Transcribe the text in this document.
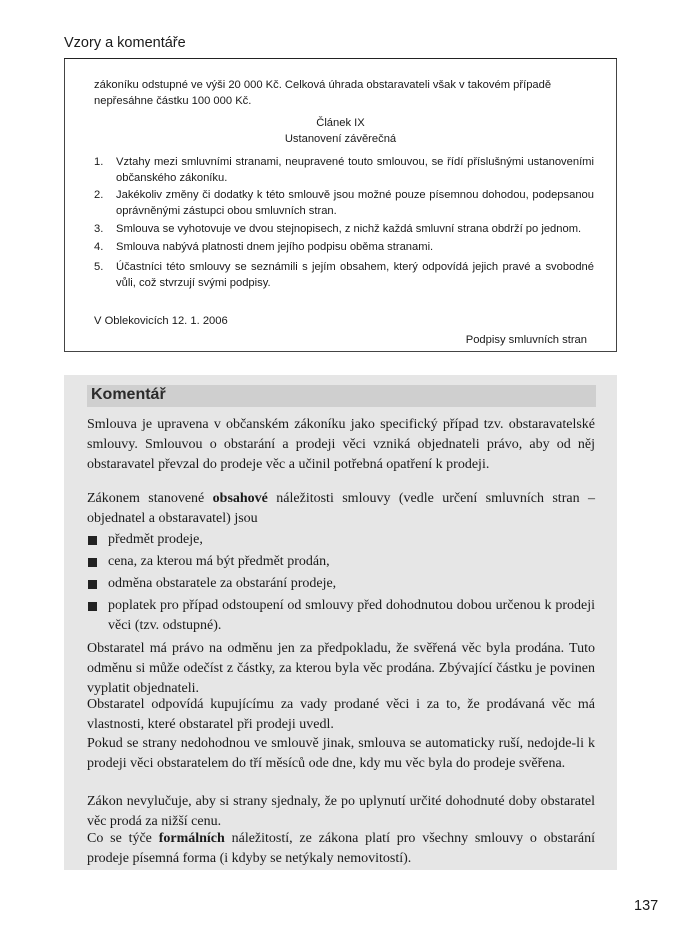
Vzory a komentáře
zákoníku odstupné ve výši 20 000 Kč. Celková úhrada obstaravateli však v takovém případě
nepřesáhne částku 100 000 Kč.
Článek IX
Ustanovení závěrečná
1. Vztahy mezi smluvními stranami, neupravené touto smlouvou, se řídí příslušnými ustanoveními občanského zákoníku.
2. Jakékoliv změny či dodatky k této smlouvě jsou možné pouze písemnou dohodou, podepsanou oprávněnými zástupci obou smluvních stran.
3. Smlouva se vyhotovuje ve dvou stejnopisech, z nichž každá smluvní strana obdrží po jednom.
4. Smlouva nabývá platnosti dnem jejího podpisu oběma stranami.
5. Účastníci této smlouvy se seznámili s jejím obsahem, který odpovídá jejich pravé a svobodné vůli, což stvrzují svými podpisy.
V Oblekovicích 12. 1. 2006
Podpisy smluvních stran
Komentář
Smlouva je upravena v občanském zákoníku jako specifický případ tzv. obstaravatelské smlouvy. Smlouvou o obstarání a prodeji věci vzniká objednateli právo, aby od něj obstaravatel převzal do prodeje věc a učinil potřebná opatření k prodeji.
Zákonem stanovené obsahové náležitosti smlouvy (vedle určení smluvních stran – objednatel a obstaravatel) jsou
předmět prodeje,
cena, za kterou má být předmět prodán,
odměna obstaratele za obstarání prodeje,
poplatek pro případ odstoupení od smlouvy před dohodnutou dobou určenou k prodeji věci (tzv. odstupné).
Obstaratel má právo na odměnu jen za předpokladu, že svěřená věc byla prodána. Tuto odměnu si může odečíst z částky, za kterou byla věc prodána. Zbývající částku je povinen vyplatit objednateli.
Obstaratel odpovídá kupujícímu za vady prodané věci i za to, že prodávaná věc má vlastnosti, které obstaratel při prodeji uvedl.
Pokud se strany nedohodnou ve smlouvě jinak, smlouva se automaticky ruší, nedojde-li k prodeji věci obstaratelem do tří měsíců ode dne, kdy mu věc byla do prodeje svěřena.
Zákon nevylučuje, aby si strany sjednaly, že po uplynutí určité dohodnuté doby obstaratel věc prodá za nižší cenu.
Co se týče formálních náležitostí, ze zákona platí pro všechny smlouvy o obstarání prodeje písemná forma (i kdyby se netýkaly nemovitostí).
137
